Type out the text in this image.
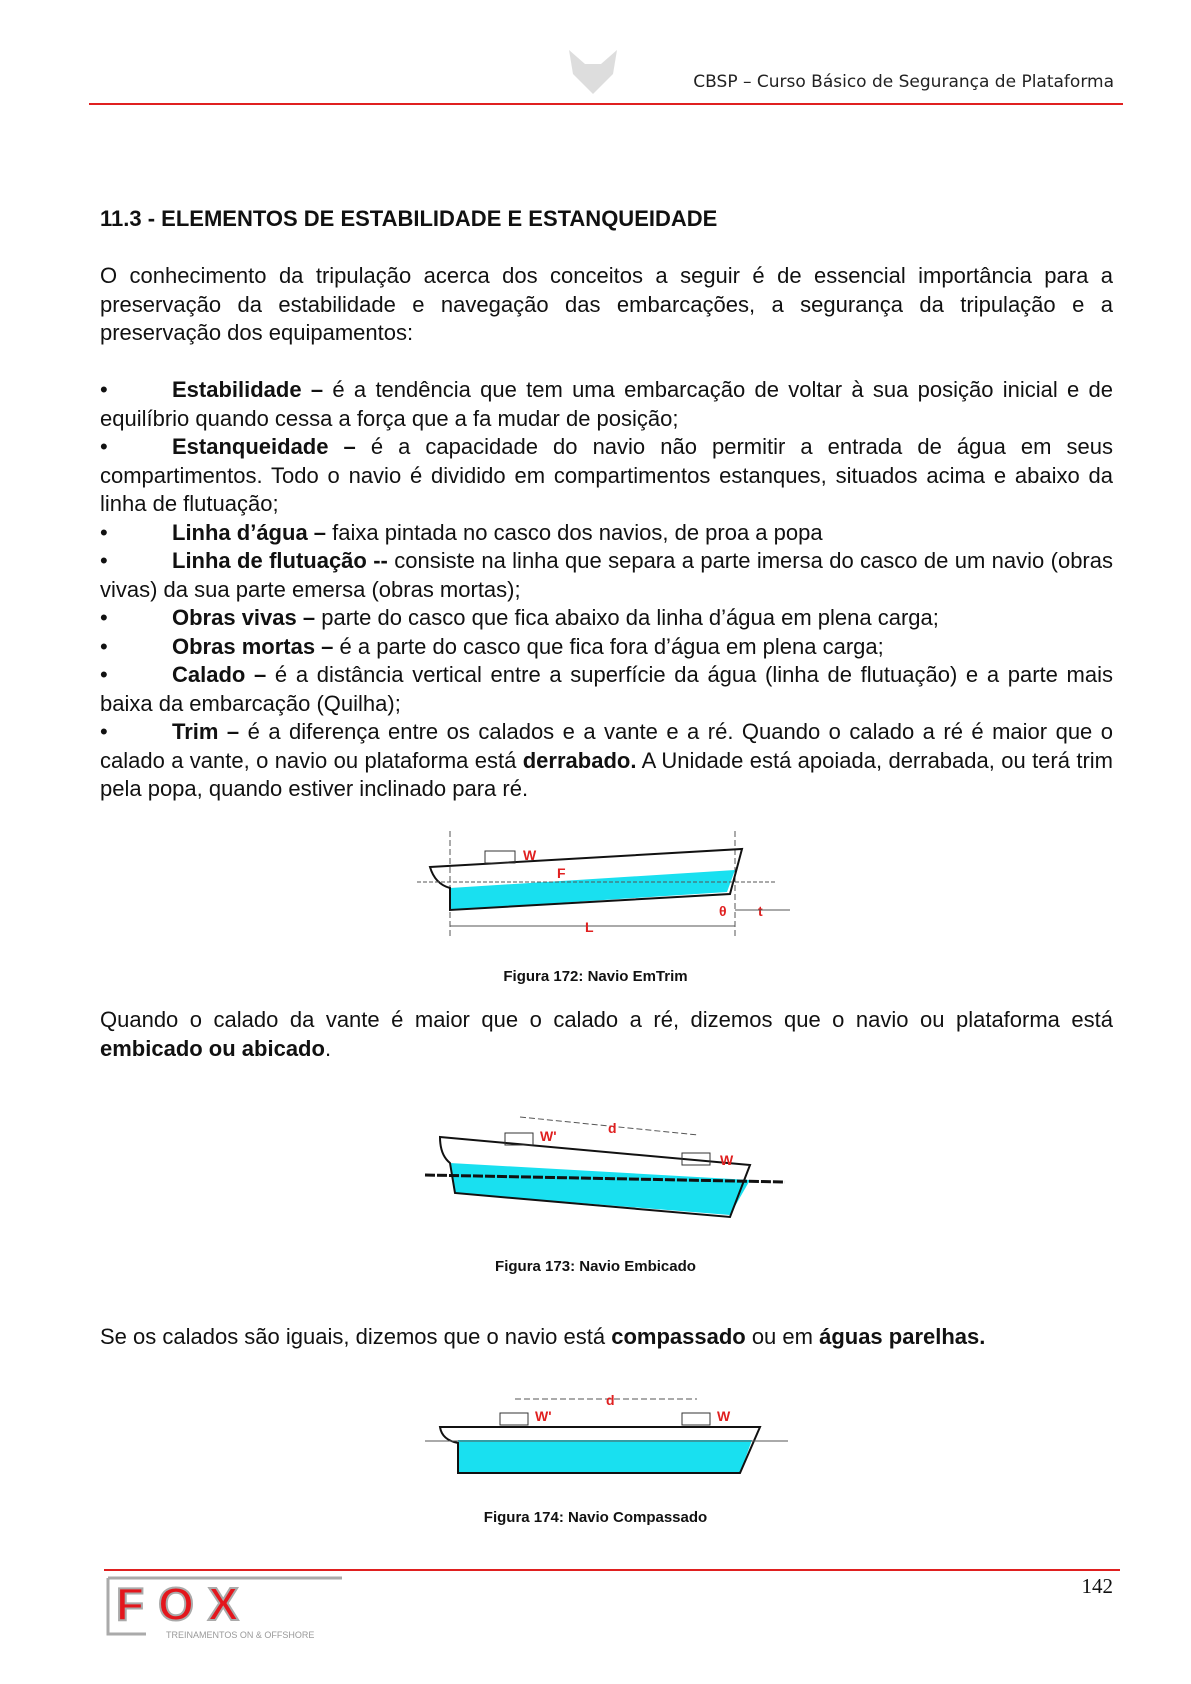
CBSP – Curso Básico de Segurança de Plataforma
11.3 - ELEMENTOS DE ESTABILIDADE E ESTANQUEIDADE
O conhecimento da tripulação acerca dos conceitos a seguir é de essencial importância para a preservação da estabilidade e navegação das embarcações, a segurança da tripulação e a preservação dos equipamentos:
•	Estabilidade – é a tendência que tem uma embarcação de voltar à sua posição inicial e de equilíbrio quando cessa a força que a fa mudar de posição;
•	Estanqueidade – é a capacidade do navio não permitir a entrada de água em seus compartimentos. Todo o navio é dividido em compartimentos estanques, situados acima e abaixo da linha de flutuação;
•	Linha d’água – faixa pintada no casco dos navios, de proa a popa
•	Linha de flutuação -- consiste na linha que separa a parte imersa do casco de um navio (obras vivas) da sua parte emersa (obras mortas);
•	Obras vivas – parte do casco que fica abaixo da linha d’água em plena carga;
•	Obras mortas – é a parte do casco que fica fora d’água em plena carga;
•	Calado – é a distância vertical entre a superfície da água (linha de flutuação) e a parte mais baixa da embarcação (Quilha);
•	Trim – é a diferença entre os calados e a vante e a ré. Quando o calado a ré é maior que o calado a vante, o navio ou plataforma está derrabado. A Unidade está apoiada, derrabada, ou terá trim pela popa, quando estiver inclinado para ré.
W
F
θ t
L
Figura 172: Navio EmTrim
Quando o calado da vante é maior que o calado a ré, dizemos que o navio ou plataforma está embicado ou abicado.
W'	d
W
Figura 173: Navio Embicado
Se os calados são iguais, dizemos que o navio está compassado ou em águas parelhas.
W'
d
W
Figura 174: Navio Compassado
142
FOX
TREINAMENTOS ON & OFFSHORE
